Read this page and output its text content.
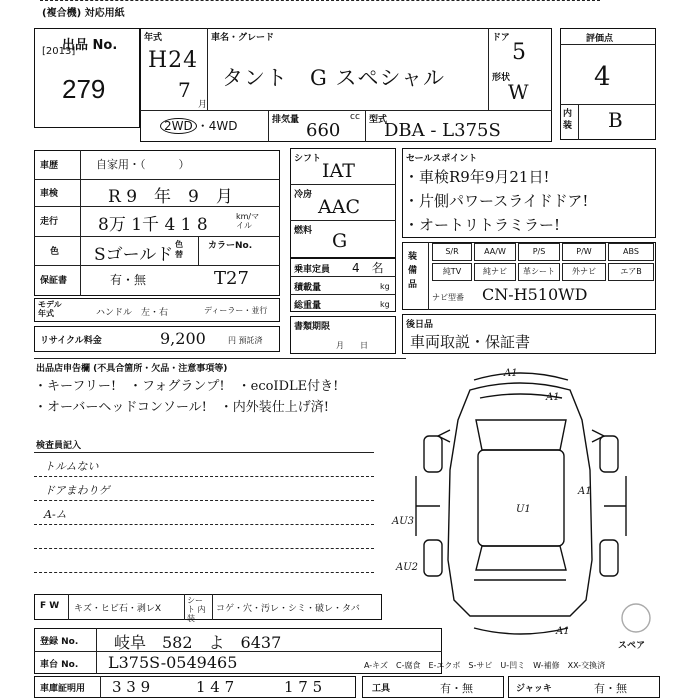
(複合機) 対応用紙
出品 No.
[2013]
279
年式
H24
7
月
車名・グレード
タント　G スペシャル
ドア
5
形状
W
2WD ・4WD	排気量	cc
660	型式
DBA - L375S
評価点
4
内装 B
車歴	自家用・（　　　）
車検	R 9　年　9　月
走行 8万 1千 4 1 8	km/マイル
色 Sゴールド
色替
カラーNo.
T27
保証書	有・無
モデル 年式	ハンドル　左・右	ディーラー・並行
リサイクル料金	9,200	円 預託済
シフト
IAT
冷房
AAC
燃料 G
乗車定員 4　名
積載量	kg
総重量	kg
書類期限
月　　日
セールスポイント
・車検R9年9月21日!
・片側パワースライドドア!
・オートリトラミラー!
装備品
S/R	AA/W	P/S	P/W	ABS
純TV	純ナビ	革シート	外ナビ	エアB
ナビ型番 CN-H510WD
後日品
車両取説・保証書
出品店申告欄 (不具合箇所・欠品・注意事項等)
・キーフリー!　・フォグランプ!　・ecoIDLE付き!
・オーバーヘッドコンソール!　・内外装仕上げ済!
検査員記入
トルムない
ドアまわりゲ
A-ム
F W キズ・ヒビ石・剥レX
シート 内装
コゲ・穴・汚レ・シミ・破レ・タバ
登録 No. 岐阜　582　よ　6437
車台 No. L375S-0549465
車庫証明用 3 3 9	1 4 7	1 7 5	工具	有・無	ジャッキ	有・無
A-キズ　C-腐食　E-エクボ　S-サビ　U-凹ミ　W-補修　XX-交換済
A1
A1
A1
U1
AU3
AU2
A1
スペア
